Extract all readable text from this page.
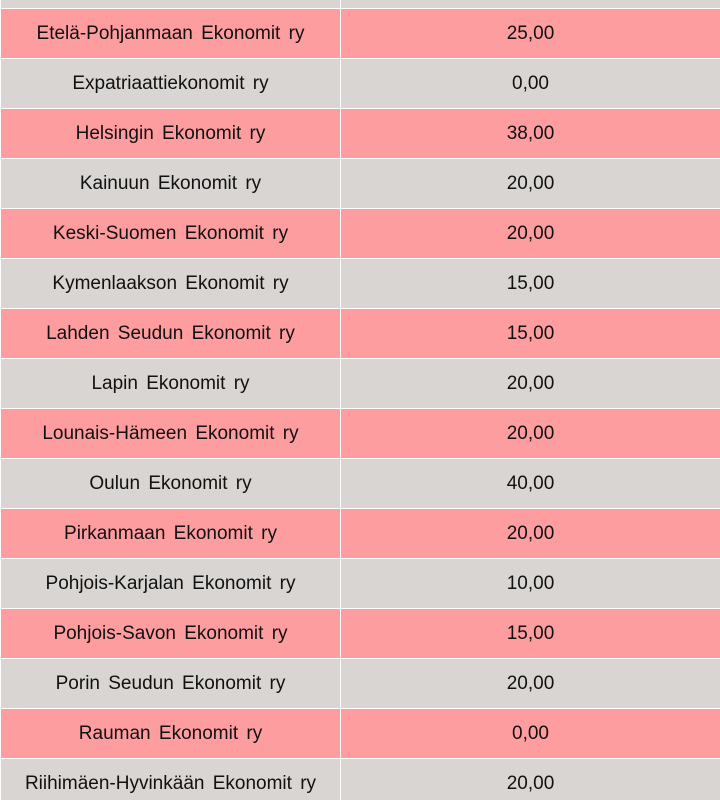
Etelä-Pohjanmaan Ekonomit ry	25,00
Expatriaattiekonomit ry	0,00
Helsingin Ekonomit ry	38,00
Kainuun Ekonomit ry	20,00
Keski-Suomen Ekonomit ry	20,00
Kymenlaakson Ekonomit ry	15,00
Lahden Seudun Ekonomit ry	15,00
Lapin Ekonomit ry	20,00
Lounais-Hämeen Ekonomit ry	20,00
Oulun Ekonomit ry	40,00
Pirkanmaan Ekonomit ry	20,00
Pohjois-Karjalan Ekonomit ry	10,00
Pohjois-Savon Ekonomit ry	15,00
Porin Seudun Ekonomit ry	20,00
Rauman Ekonomit ry	0,00
Riihimäen-Hyvinkään Ekonomit ry	20,00
